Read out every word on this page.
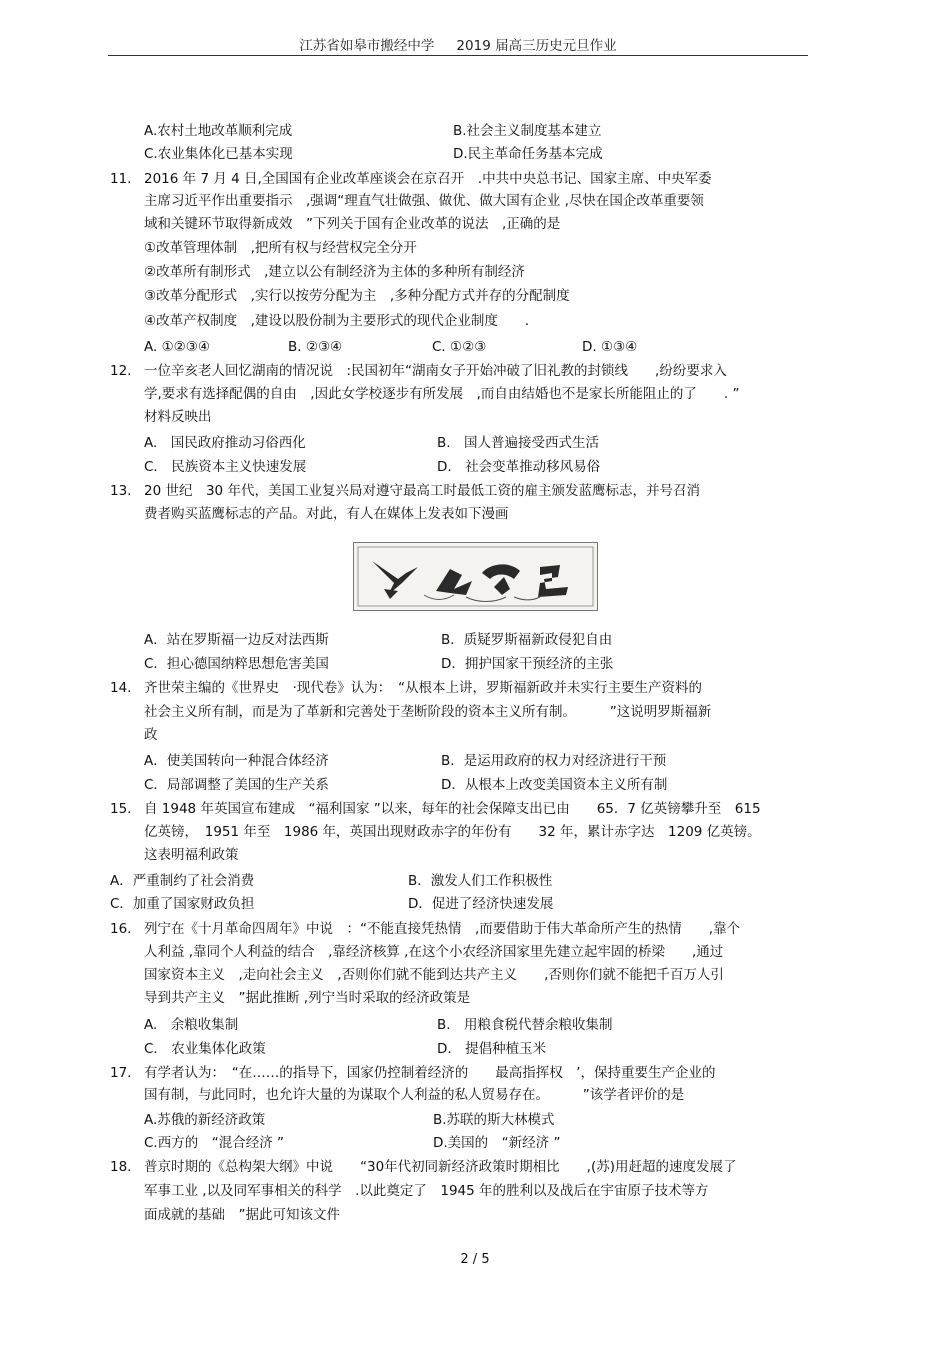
江苏省如皋市搬经中学 2019 届高三历史元旦作业
A.农村土地改革顺利完成	B.社会主义制度基本建立
C.农业集体化已基本实现	D.民主革命任务基本完成
11. 2016 年 7 月 4 日,全国国有企业改革座谈会在京召开　.中共中央总书记、国家主席、中央军委
主席习近平作出重要指示　,强调“理直气壮做强、做优、做大国有企业 ,尽快在国企改革重要领
域和关键环节取得新成效　”下列关于国有企业改革的说法　,正确的是
①改革管理体制　,把所有权与经营权完全分开
②改革所有制形式　,建立以公有制经济为主体的多种所有制经济
③改革分配形式　,实行以按劳分配为主　,多种分配方式并存的分配制度
④改革产权制度　,建设以股份制为主要形式的现代企业制度　　.
A. ①②③④	B. ②③④	C. ①②③	D. ①③④
12. 一位辛亥老人回忆湖南的情况说　:民国初年“湖南女子开始冲破了旧礼教的封锁线　　,纷纷要求入
学,要求有选择配偶的自由　,因此女学校逐步有所发展　,而自由结婚也不是家长所能阻止的了　　. ”
材料反映出
A.　国民政府推动习俗西化	B.　国人普遍接受西式生活
C.　民族资本主义快速发展	D.　社会变革推动移风易俗
13. 20 世纪　30 年代，美国工业复兴局对遵守最高工时最低工资的雇主颁发蓝鹰标志，并号召消
费者购买蓝鹰标志的产品。对此，有人在媒体上发表如下漫画
A．站在罗斯福一边反对法西斯	B．质疑罗斯福新政侵犯自由
C．担心德国纳粹思想危害美国	D．拥护国家干预经济的主张
14. 齐世荣主编的《世界史　·现代卷》认为：　“从根本上讲，罗斯福新政并未实行主要生产资料的
社会主义所有制，而是为了革新和完善处于垄断阶段的资本主义所有制。　　　”这说明罗斯福新
政
A．使美国转向一种混合体经济	B．是运用政府的权力对经济进行干预
C．局部调整了美国的生产关系	D．从根本上改变美国资本主义所有制
15. 自 1948 年英国宣布建成　“福利国家 ”以来，每年的社会保障支出已由　　65．7 亿英镑攀升至　615
亿英镑，　1951 年至　1986 年，英国出现财政赤字的年份有　　32 年，累计赤字达　1209 亿英镑。
这表明福利政策
A．严重制约了社会消费	B．激发人们工作积极性
C．加重了国家财政负担	D．促进了经济快速发展
16. 列宁在《十月革命四周年》中说　：“不能直接凭热情　,而要借助于伟大革命所产生的热情　　,靠个
人利益 ,靠同个人利益的结合　,靠经济核算 ,在这个小农经济国家里先建立起牢固的桥梁　　,通过
国家资本主义　,走向社会主义　,否则你们就不能到达共产主义　　,否则你们就不能把千百万人引
导到共产主义　”据此推断 ,列宁当时采取的经济政策是
A.　余粮收集制	B.　用粮食税代替余粮收集制
C.　农业集体化政策	D.　提倡种植玉米
17. 有学者认为：　“在……的指导下，国家仍控制着经济的　　最高指挥权　’，保持重要生产企业的
国有制，与此同时，也允许大量的为谋取个人利益的私人贸易存在。　　　”该学者评价的是
A.苏俄的新经济政策	B.苏联的斯大林模式
C.西方的　“混合经济 ”	D.美国的　“新经济 ”
18. 普京时期的《总构架大纲》中说　　“30年代初同新经济政策时期相比　　,(苏)用赶超的速度发展了
军事工业 ,以及同军事相关的科学　.以此奠定了　1945 年的胜利以及战后在宇宙原子技术等方
面成就的基础　”据此可知该文件
2 / 5
